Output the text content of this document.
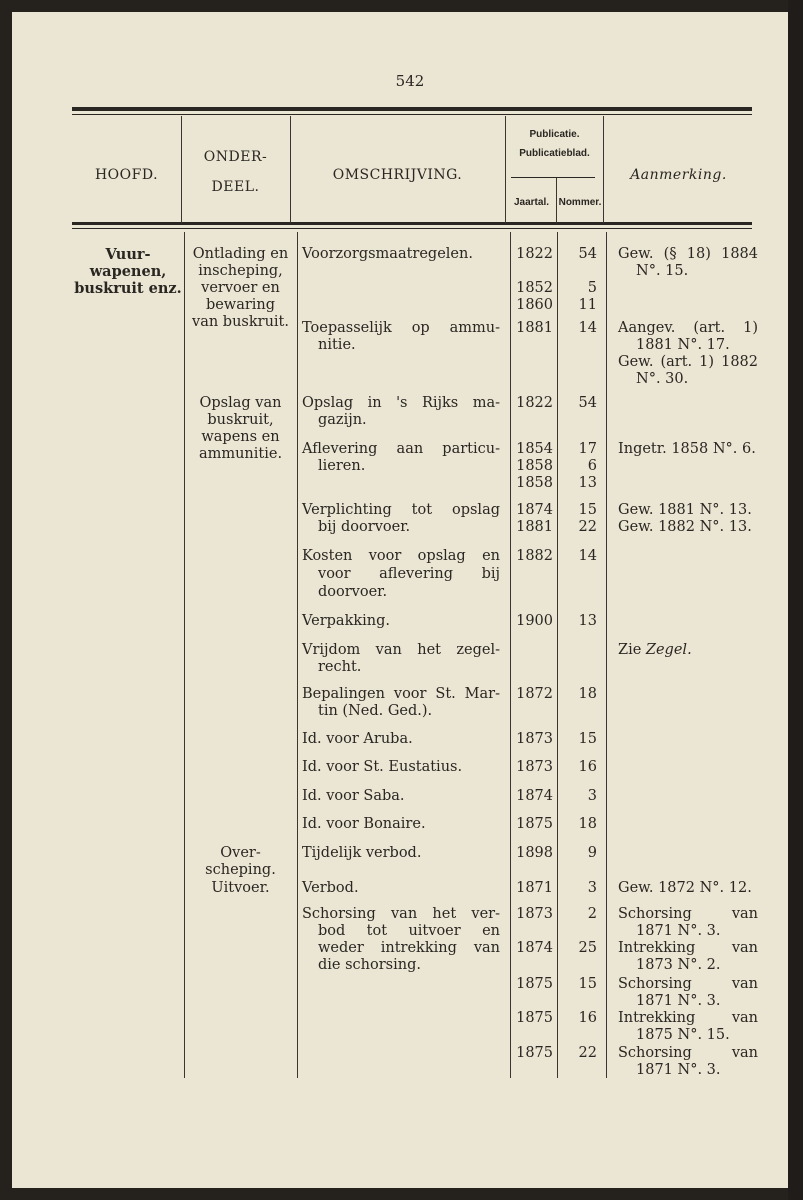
542
HOOFD.
ONDER-
DEEL.
OMSCHRIJVING.
Publicatie.
Publicatieblad.
Jaartal. Nommer.
Aanmerking.
Vuur-
wapenen,
buskruit enz.
Ontlading en
inscheping,
vervoer en
bewaring
van buskruit.
Opslag van
buskruit,
wapens en
ammunitie.
Over-
scheping.
Uitvoer.
Voorzorgsmaatregelen.
Toepasselijk op ammu-
nitie.
Opslag in 's Rijks ma-
gazijn.
Aflevering aan particu-
lieren.
Verplichting tot opslag
bij doorvoer.
Kosten voor opslag en
voor aflevering bij
doorvoer.
Verpakking.
Vrijdom van het zegel-
recht.
Bepalingen voor St. Mar-
tin (Ned. Ged.).
Id. voor Aruba.
Id. voor St. Eustatius.
Id. voor Saba.
Id. voor Bonaire.
Tijdelijk verbod.
Verbod.
Schorsing van het ver-
bod tot uitvoer en
weder intrekking van
die schorsing.
1822
1852
1860
1881
1822
1854
1858
1858
1874
1881
1882
1900
1872
1873
1873
1874
1875
1898
1871
1873
1874
1875
1875
1875
54
5
11
14
54
17
6
13
15
22
14
13
18
15
16
3
18
9
3
2
25
15
16
22
Gew. (§ 18) 1884
N°. 15.
Aangev. (art. 1)
1881 N°. 17.
Gew. (art. 1) 1882
N°. 30.
Ingetr. 1858 N°. 6.
Gew. 1881 N°. 13.
Gew. 1882 N°. 13.
Zie Zegel.
Gew. 1872 N°. 12.
Schorsing van
1871 N°. 3.
Intrekking van
1873 N°. 2.
Schorsing van
1871 N°. 3.
Intrekking van
1875 N°. 15.
Schorsing van
1871 N°. 3.
